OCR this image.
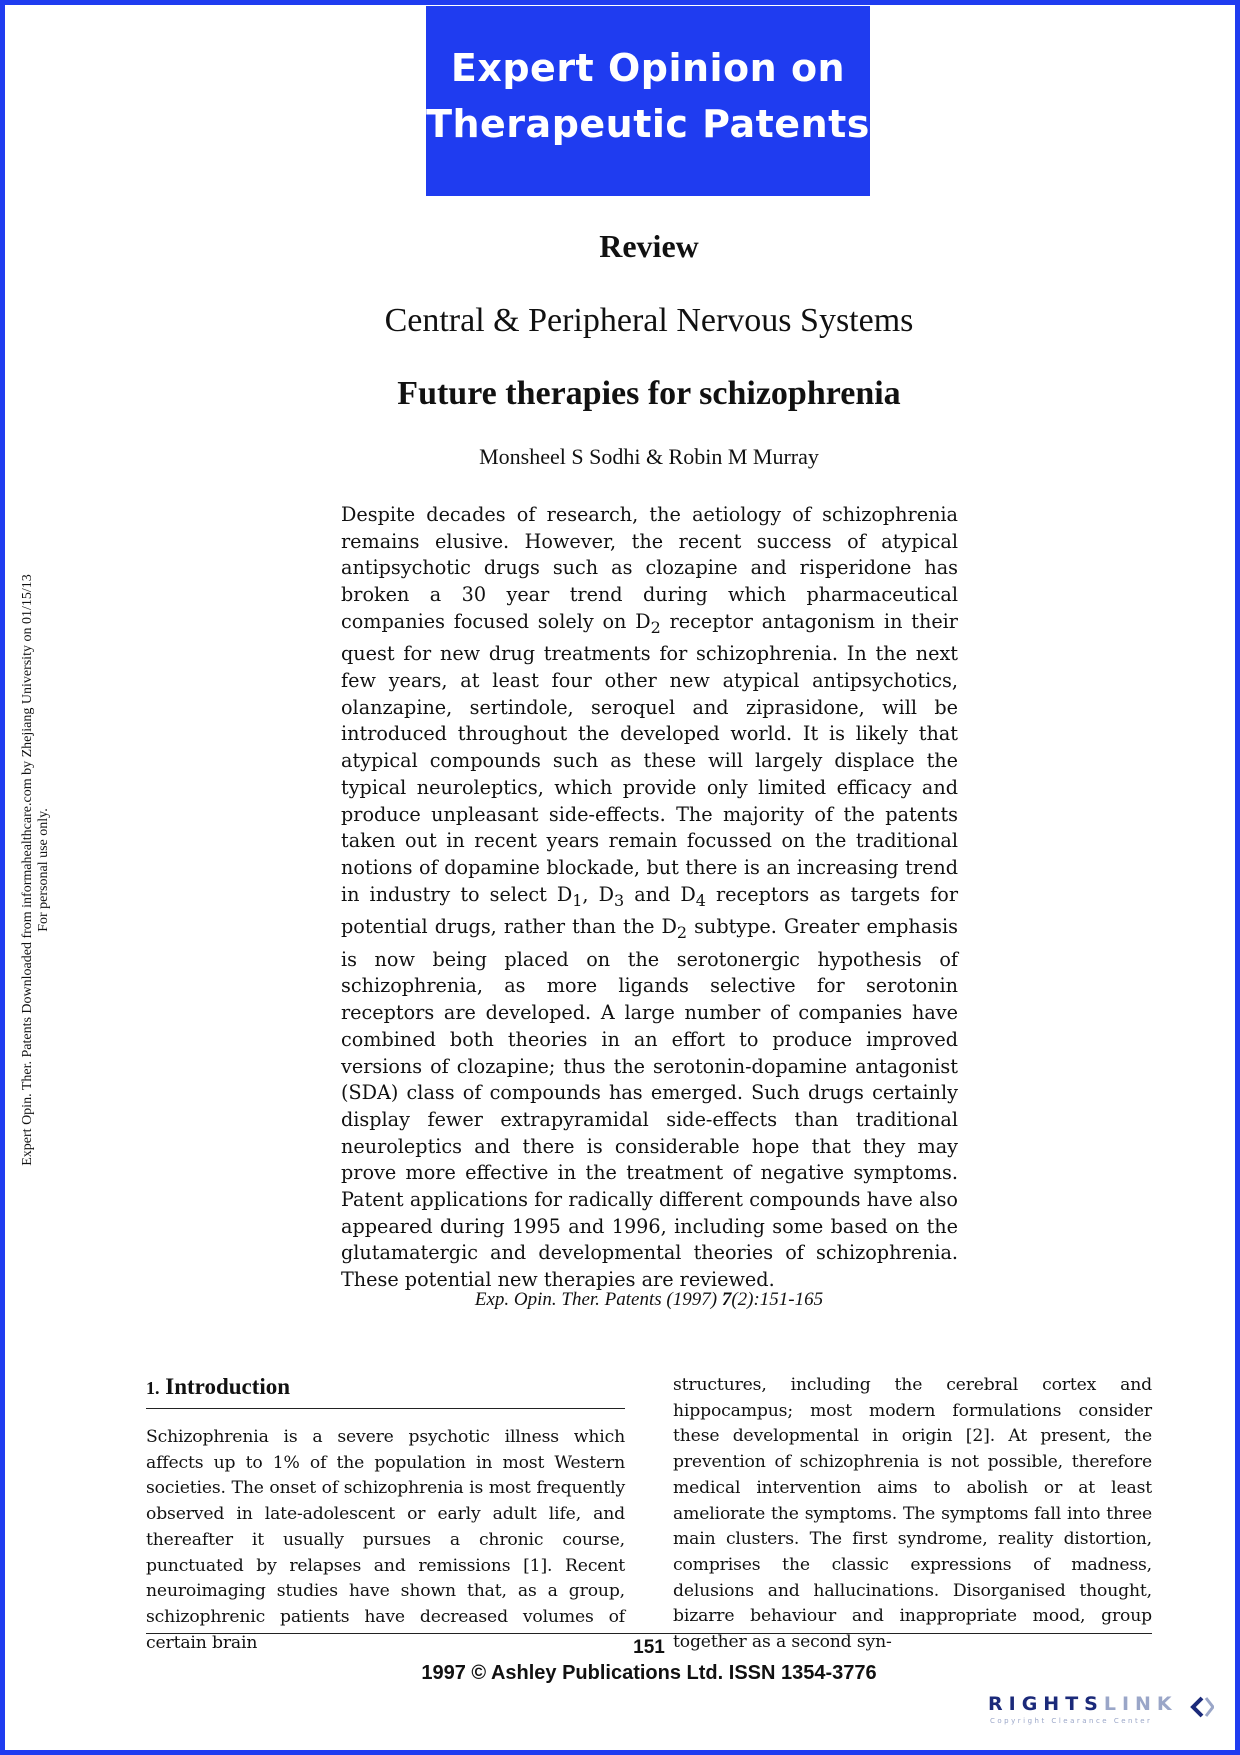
Expert Opinion on
Therapeutic Patents
Expert Opin. Ther. Patents Downloaded from informahealthcare.com by Zhejiang University on 01/15/13 For personal use only.
Review
Central & Peripheral Nervous Systems
Future therapies for schizophrenia
Monsheel S Sodhi & Robin M Murray
Despite decades of research, the aetiology of schizophrenia remains elusive. However, the recent success of atypical antipsychotic drugs such as clozapine and risperidone has broken a 30 year trend during which pharmaceutical companies focused solely on $D_2$ receptor antagonism in their quest for new drug treatments for schizophrenia. In the next few years, at least four other new atypical antipsychotics, olanzapine, sertindole, seroquel and ziprasidone, will be introduced throughout the developed world. It is likely that atypical compounds such as these will largely displace the typical neuroleptics, which provide only limited efficacy and produce unpleasant side-effects. The majority of the patents taken out in recent years remain focussed on the traditional notions of dopamine blockade, but there is an increasing trend in industry to select $D_1$, $D_3$ and $D_4$ receptors as targets for potential drugs, rather than the $D_2$ subtype. Greater emphasis is now being placed on the serotonergic hypothesis of schizophrenia, as more ligands selective for serotonin receptors are developed. A large number of companies have combined both theories in an effort to produce improved versions of clozapine; thus the serotonin-dopamine antagonist (SDA) class of compounds has emerged. Such drugs certainly display fewer extrapyramidal side-effects than traditional neuroleptics and there is considerable hope that they may prove more effective in the treatment of negative symptoms. Patent applications for radically different compounds have also appeared during 1995 and 1996, including some based on the glutamatergic and developmental theories of schizophrenia. These potential new therapies are reviewed.
Exp. Opin. Ther. Patents (1997) 7(2):151-165
1. Introduction
Schizophrenia is a severe psychotic illness which affects up to 1% of the population in most Western societies. The onset of schizophrenia is most frequently observed in late-adolescent or early adult life, and thereafter it usually pursues a chronic course, punctuated by relapses and remissions [1]. Recent neuroimaging studies have shown that, as a group, schizophrenic patients have decreased volumes of certain brain
structures, including the cerebral cortex and hippocampus; most modern formulations consider these developmental in origin [2]. At present, the prevention of schizophrenia is not possible, therefore medical intervention aims to abolish or at least ameliorate the symptoms. The symptoms fall into three main clusters. The first syndrome, reality distortion, comprises the classic expressions of madness, delusions and hallucinations. Disorganised thought, bizarre behaviour and inappropriate mood, group together as a second syn-
151
1997 © Ashley Publications Ltd. ISSN 1354-3776
RIGHTSLINK
Copyright Clearance Center
